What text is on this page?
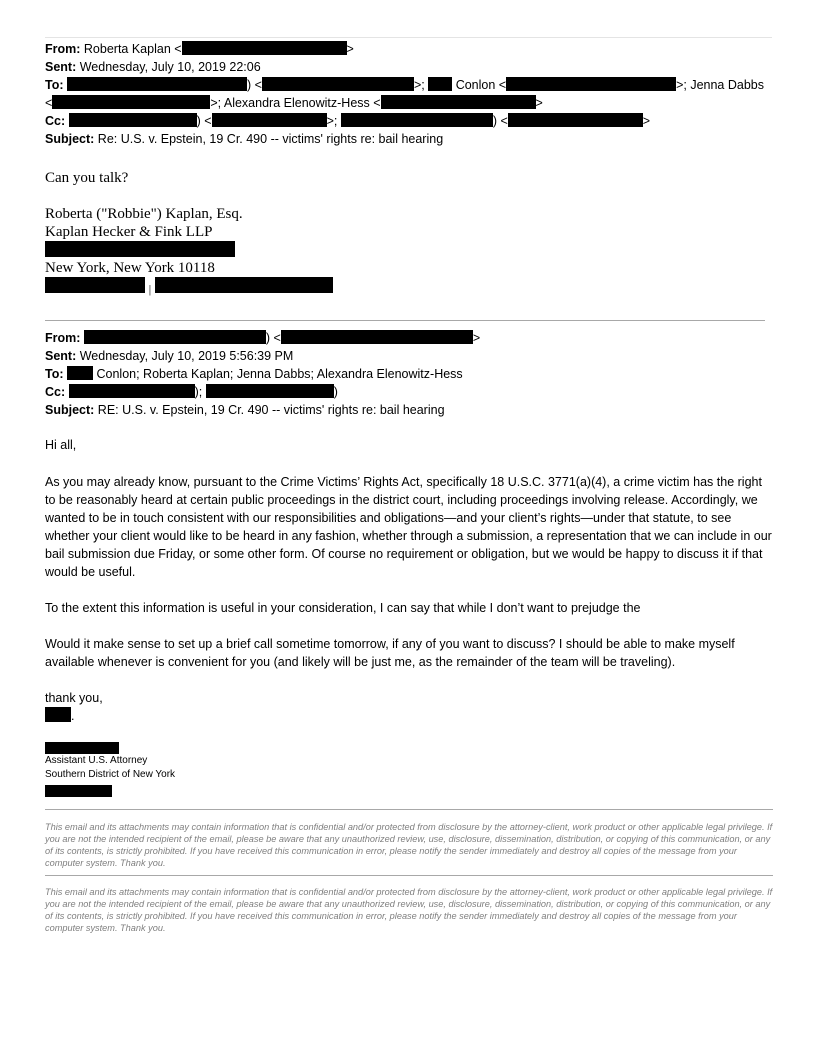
From: Roberta Kaplan <	>
Sent: Wednesday, July 10, 2019 22:06
To:	) <	>; Conlon <	>; Jenna Dabbs
<	>; Alexandra Elenowitz-Hess <	>
Cc:	) <	>;	) <	>
Subject: Re: U.S. v. Epstein, 19 Cr. 490 -- victims' rights re: bail hearing
Can you talk?
Roberta ("Robbie") Kaplan, Esq.
Kaplan Hecker & Fink LLP
New York, New York 10118
|
From:	) <	>
Sent: Wednesday, July 10, 2019 5:56:39 PM
To:	Conlon; Roberta Kaplan; Jenna Dabbs; Alexandra Elenowitz-Hess
Cc:	);	)
Subject: RE: U.S. v. Epstein, 19 Cr. 490 -- victims' rights re: bail hearing
Hi all,
As you may already know, pursuant to the Crime Victims’ Rights Act, specifically 18 U.S.C. 3771(a)(4), a crime victim has the right to be reasonably heard at certain public proceedings in the district court, including proceedings involving release. Accordingly, we wanted to be in touch consistent with our responsibilities and obligations—and your client’s rights—under that statute, to see whether your client would like to be heard in any fashion, whether through a submission, a representation that we can include in our bail submission due Friday, or some other form. Of course no requirement or obligation, but we would be happy to discuss it if that would be useful.
To the extent this information is useful in your consideration, I can say that while I don’t want to prejudge the
Would it make sense to set up a brief call sometime tomorrow, if any of you want to discuss? I should be able to make myself available whenever is convenient for you (and likely will be just me, as the remainder of the team will be traveling).
thank you,
.
Assistant U.S. Attorney
Southern District of New York
This email and its attachments may contain information that is confidential and/or protected from disclosure by the attorney-client, work product or other applicable legal privilege. If you are not the intended recipient of the email, please be aware that any unauthorized review, use, disclosure, dissemination, distribution, or copying of this communication, or any of its contents, is strictly prohibited. If you have received this communication in error, please notify the sender immediately and destroy all copies of the message from your computer system. Thank you.
This email and its attachments may contain information that is confidential and/or protected from disclosure by the attorney-client, work product or other applicable legal privilege. If you are not the intended recipient of the email, please be aware that any unauthorized review, use, disclosure, dissemination, distribution, or copying of this communication, or any of its contents, is strictly prohibited. If you have received this communication in error, please notify the sender immediately and destroy all copies of the message from your computer system. Thank you.
